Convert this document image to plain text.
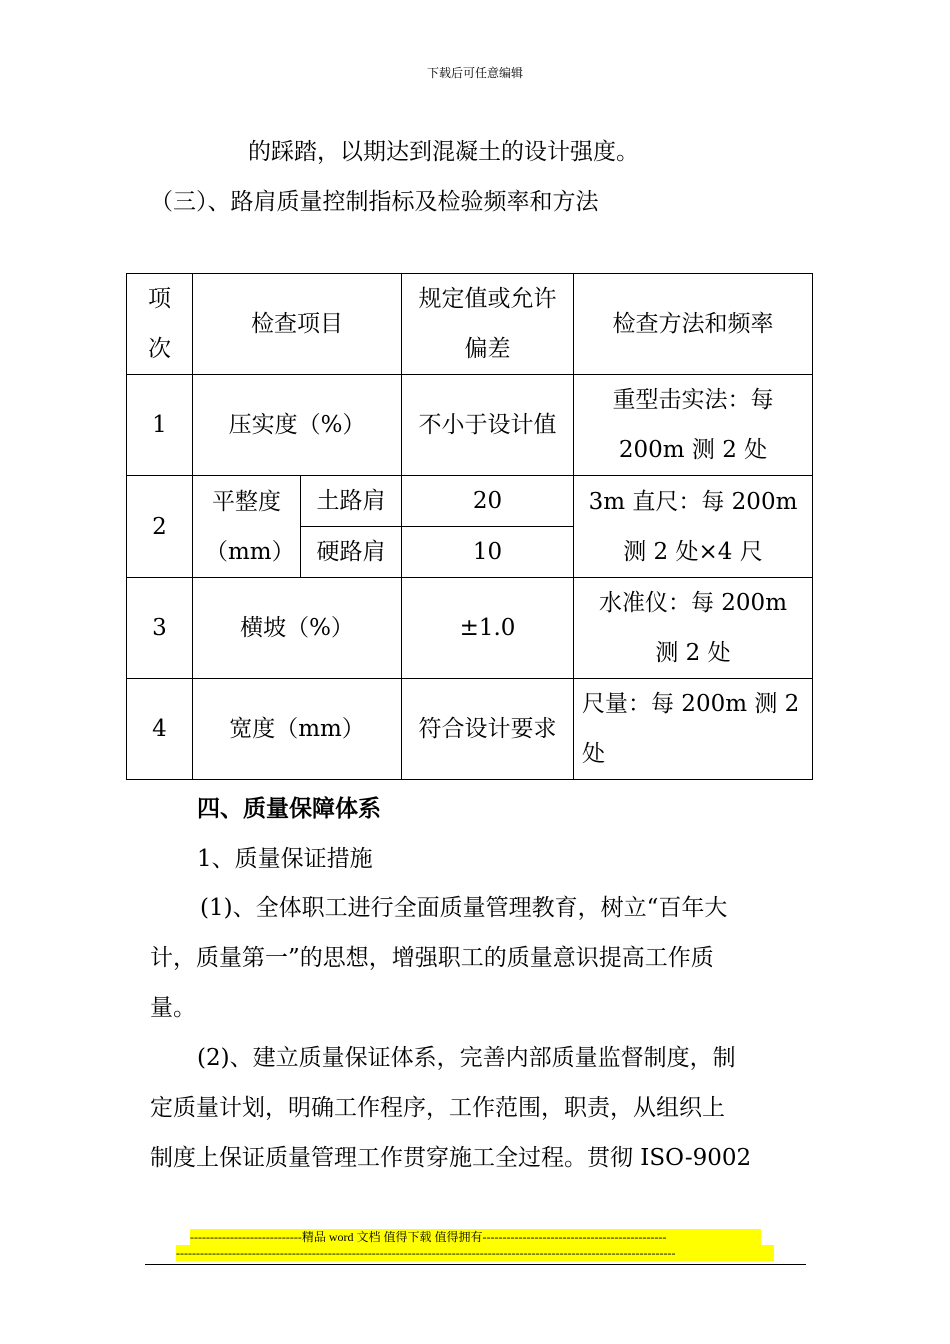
下载后可任意编辑
的踩踏，以期达到混凝土的设计强度。
（三）、路肩质量控制指标及检验频率和方法
项次	检查项目		规定值或允许偏差	检查方法和频率
1	压实度（%）		不小于设计值	重型击实法：每200m 测 2 处
2	平整度（mm）	土路肩	20	3m 直尺：每 200m 测 2 处×4 尺
		硬路肩	10	
3	横坡（%）		±1.0	水准仪：每 200m 测 2 处
4	宽度（mm）		符合设计要求	尺量：每 200m 测 2 处
四、质量保障体系
1、质量保证措施
(1)、全体职工进行全面质量管理教育，树立“百年大
计，质量第一”的思想，增强职工的质量意识提高工作质
量。
(2)、建立质量保证体系，完善内部质量监督制度，制
定质量计划，明确工作程序，工作范围，职责，从组织上
制度上保证质量管理工作贯穿施工全过程。贯彻 ISO-9002
----------------------------精品 word 文档 值得下载 值得拥有----------------------------------------------
-----------------------------------------------------------------------------------------------------------------------------
